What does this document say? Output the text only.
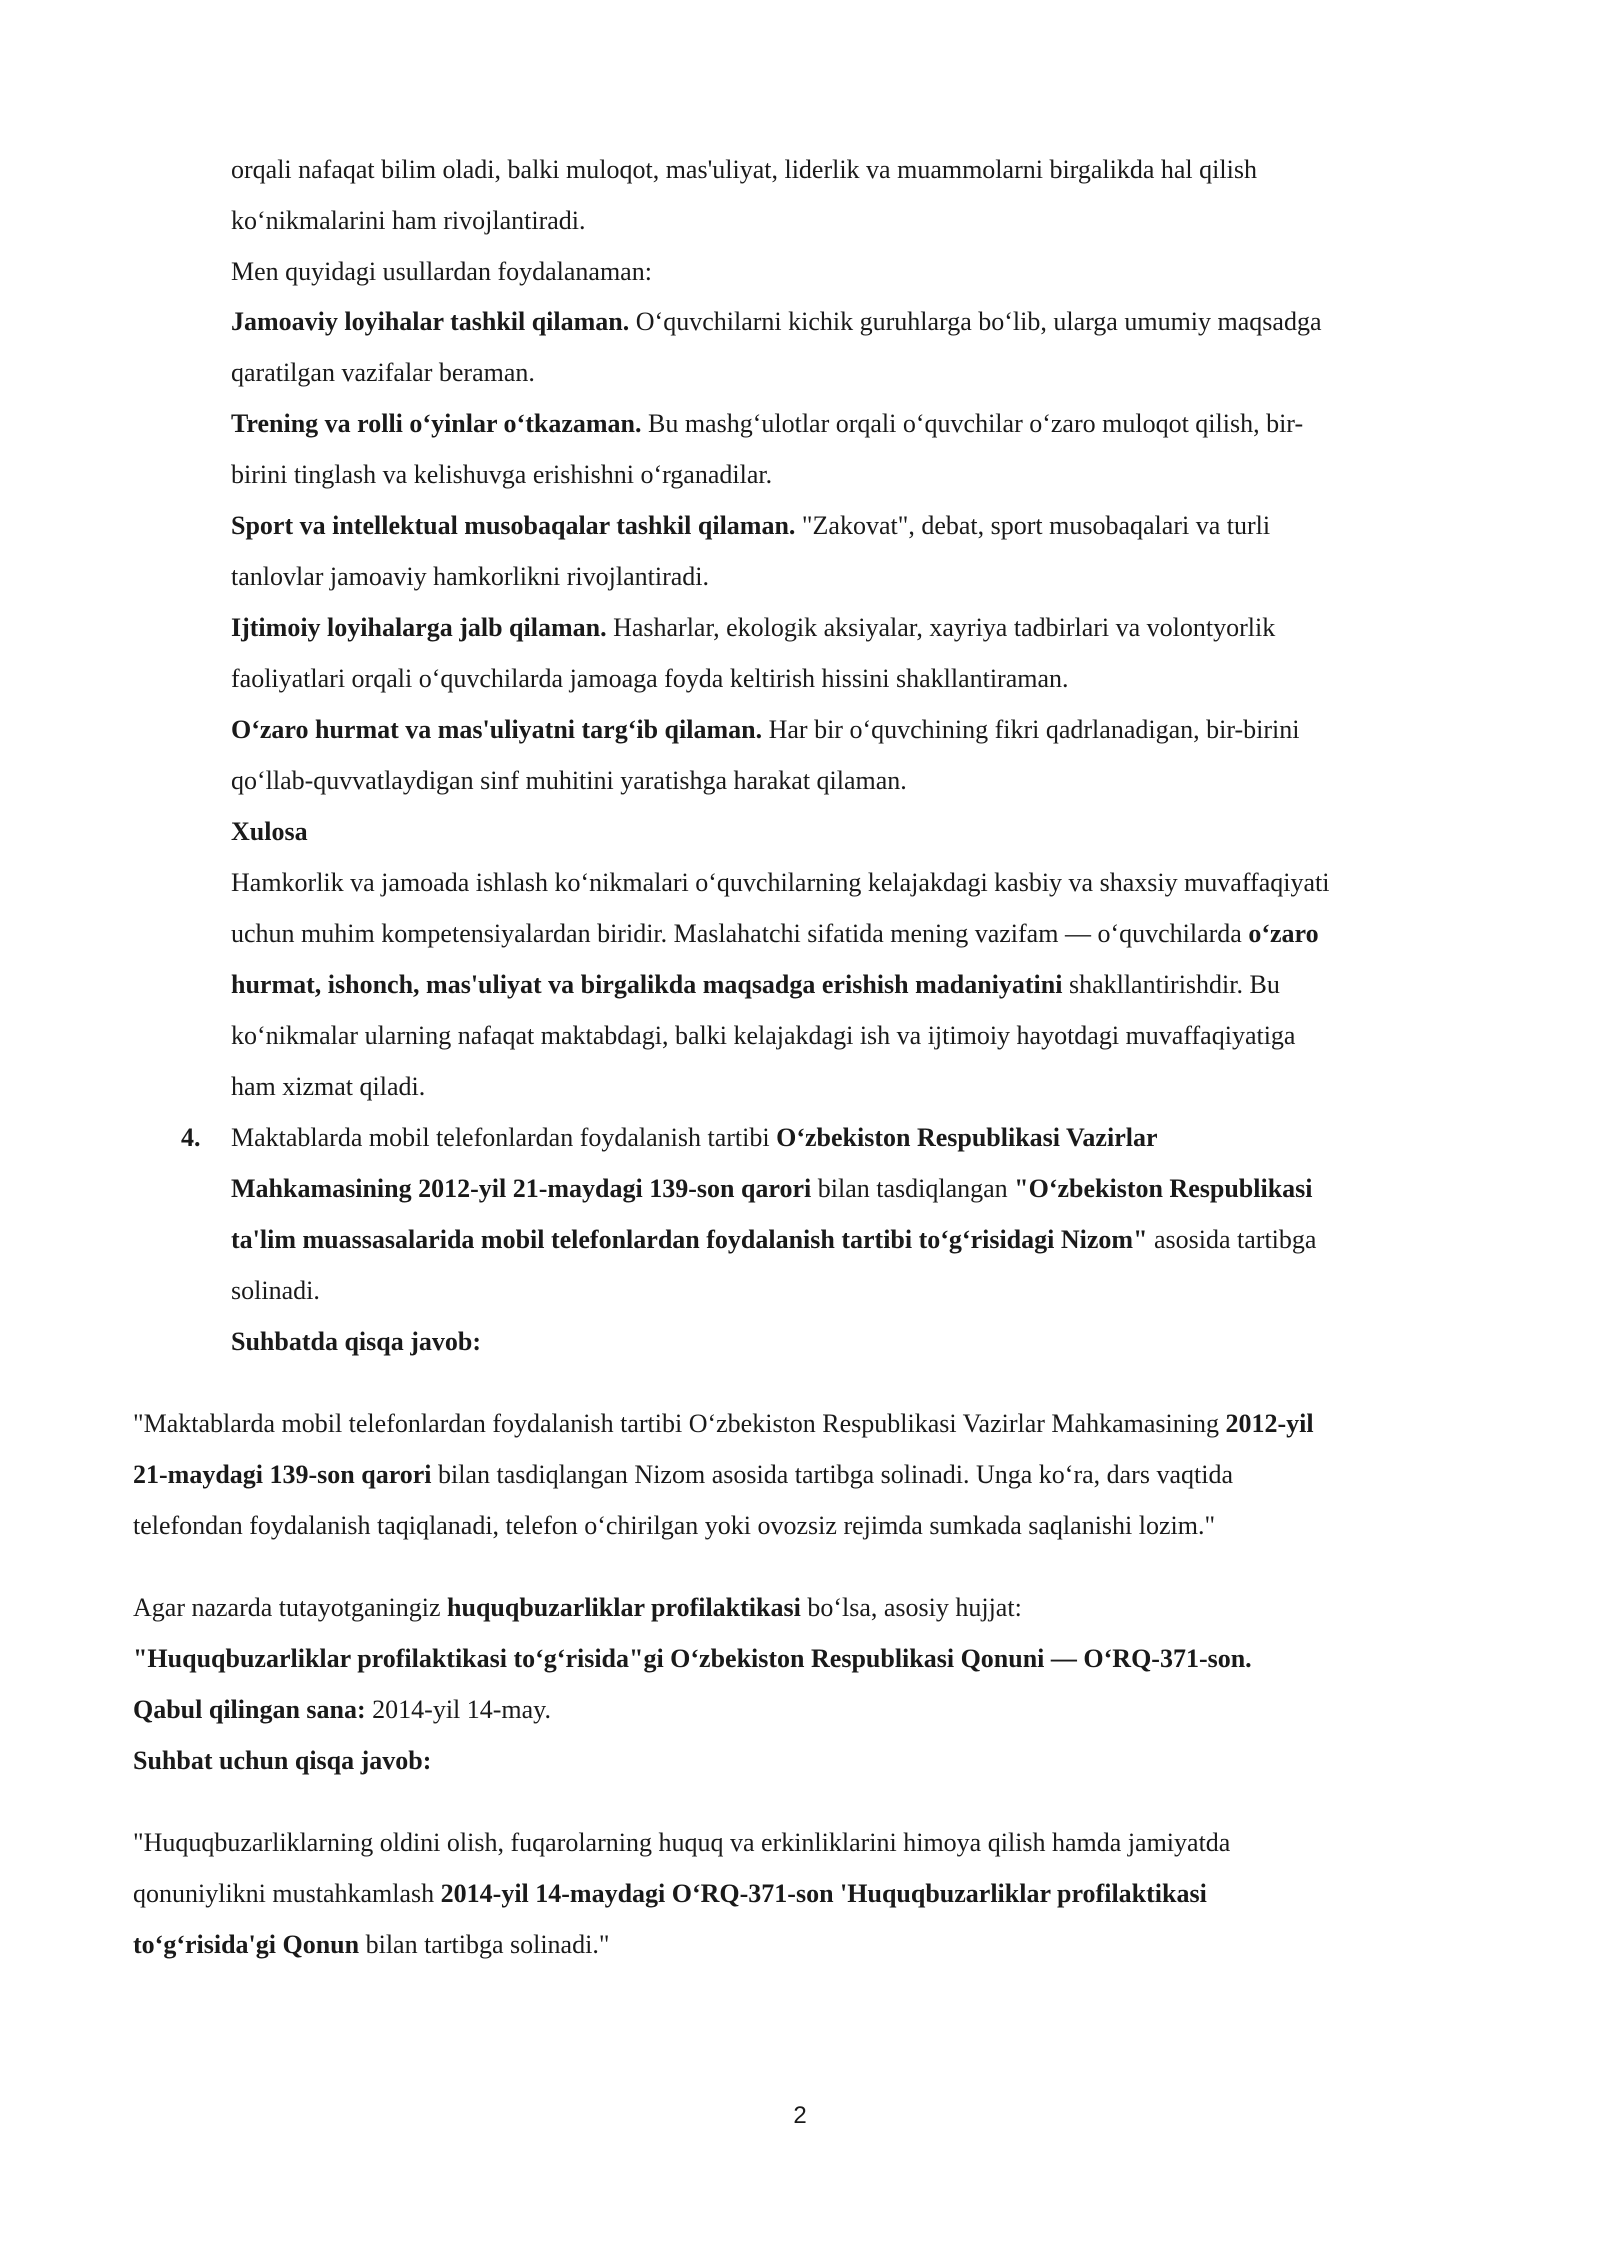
orqali nafaqat bilim oladi, balki muloqot, mas'uliyat, liderlik va muammolarni birgalikda hal qilish
ko‘nikmalarini ham rivojlantiradi.
Men quyidagi usullardan foydalanaman:
Jamoaviy loyihalar tashkil qilaman. O‘quvchilarni kichik guruhlarga bo‘lib, ularga umumiy maqsadga
qaratilgan vazifalar beraman.
Trening va rolli o‘yinlar o‘tkazaman. Bu mashg‘ulotlar orqali o‘quvchilar o‘zaro muloqot qilish, bir-
birini tinglash va kelishuvga erishishni o‘rganadilar.
Sport va intellektual musobaqalar tashkil qilaman. "Zakovat", debat, sport musobaqalari va turli
tanlovlar jamoaviy hamkorlikni rivojlantiradi.
Ijtimoiy loyihalarga jalb qilaman. Hasharlar, ekologik aksiyalar, xayriya tadbirlari va volontyorlik
faoliyatlari orqali o‘quvchilarda jamoaga foyda keltirish hissini shakllantiraman.
O‘zaro hurmat va mas'uliyatni targ‘ib qilaman. Har bir o‘quvchining fikri qadrlanadigan, bir-birini
qo‘llab-quvvatlaydigan sinf muhitini yaratishga harakat qilaman.
Xulosa
Hamkorlik va jamoada ishlash ko‘nikmalari o‘quvchilarning kelajakdagi kasbiy va shaxsiy muvaffaqiyati
uchun muhim kompetensiyalardan biridir. Maslahatchi sifatida mening vazifam — o‘quvchilarda o‘zaro
hurmat, ishonch, mas'uliyat va birgalikda maqsadga erishish madaniyatini shakllantirishdir. Bu
ko‘nikmalar ularning nafaqat maktabdagi, balki kelajakdagi ish va ijtimoiy hayotdagi muvaffaqiyatiga
ham xizmat qiladi.
4. Maktablarda mobil telefonlardan foydalanish tartibi O‘zbekiston Respublikasi Vazirlar
Mahkamasining 2012-yil 21-maydagi 139-son qarori bilan tasdiqlangan "O‘zbekiston Respublikasi
ta'lim muassasalarida mobil telefonlardan foydalanish tartibi to‘g‘risidagi Nizom" asosida tartibga
solinadi.
Suhbatda qisqa javob:
"Maktablarda mobil telefonlardan foydalanish tartibi O‘zbekiston Respublikasi Vazirlar Mahkamasining 2012-yil
21-maydagi 139-son qarori bilan tasdiqlangan Nizom asosida tartibga solinadi. Unga ko‘ra, dars vaqtida
telefondan foydalanish taqiqlanadi, telefon o‘chirilgan yoki ovozsiz rejimda sumkada saqlanishi lozim."
Agar nazarda tutayotganingiz huquqbuzarliklar profilaktikasi bo‘lsa, asosiy hujjat:
"Huquqbuzarliklar profilaktikasi to‘g‘risida"gi O‘zbekiston Respublikasi Qonuni — O‘RQ-371-son.
Qabul qilingan sana: 2014-yil 14-may.
Suhbat uchun qisqa javob:
"Huquqbuzarliklarning oldini olish, fuqarolarning huquq va erkinliklarini himoya qilish hamda jamiyatda
qonuniylikni mustahkamlash 2014-yil 14-maydagi O‘RQ-371-son 'Huquqbuzarliklar profilaktikasi
to‘g‘risida'gi Qonun bilan tartibga solinadi."
2
